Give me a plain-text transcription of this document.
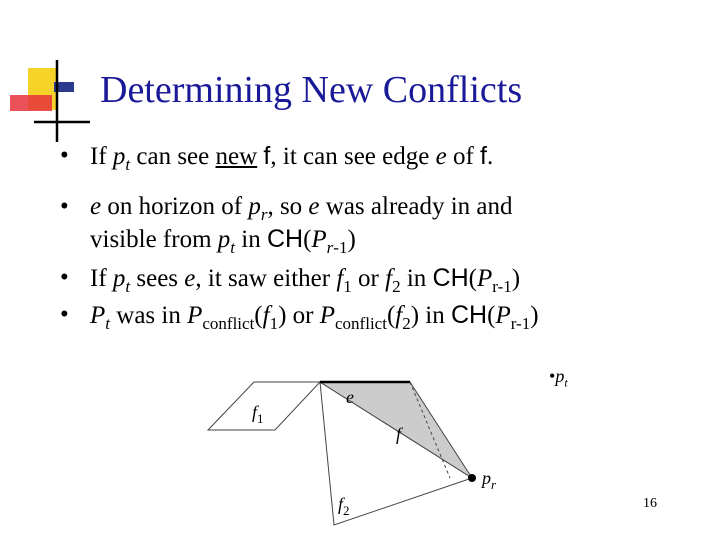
Determining New Conflicts
• If $p_t$ can see new f, it can see edge e of f.
• e on horizon of $p_r$, so e was already in and
visible from $p_t$ in $CH(P_{r-1})$
• If $p_t$ sees e, it saw either $f_1$ or $f_2$ in $CH(P_{r-1})$
• $P_t$ was in $P_{conflict}(f_1)$ or $P_{conflict}(f_2)$ in $CH(P_{r-1})$
$•p_t$
e
$f_1$
f
$f_2$
$p_r$
16
